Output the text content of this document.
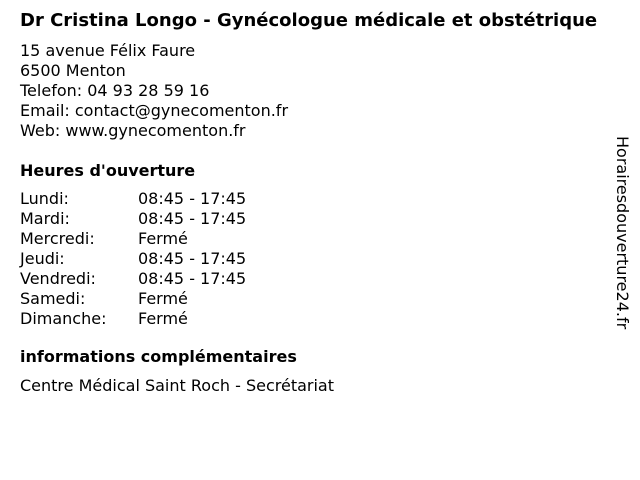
Dr Cristina Longo - Gynécologue médicale et obstétrique
15 avenue Félix Faure
6500 Menton
Telefon: 04 93 28 59 16
Email: contact@gynecomenton.fr
Web: www.gynecomenton.fr
Heures d'ouverture
Lundi:	08:45 - 17:45
Mardi:	08:45 - 17:45
Mercredi:	Fermé
Jeudi:	08:45 - 17:45
Vendredi:	08:45 - 17:45
Samedi:	Fermé
Dimanche:	Fermé
informations complémentaires
Centre Médical Saint Roch - Secrétariat
Horairesdouverture24.fr
